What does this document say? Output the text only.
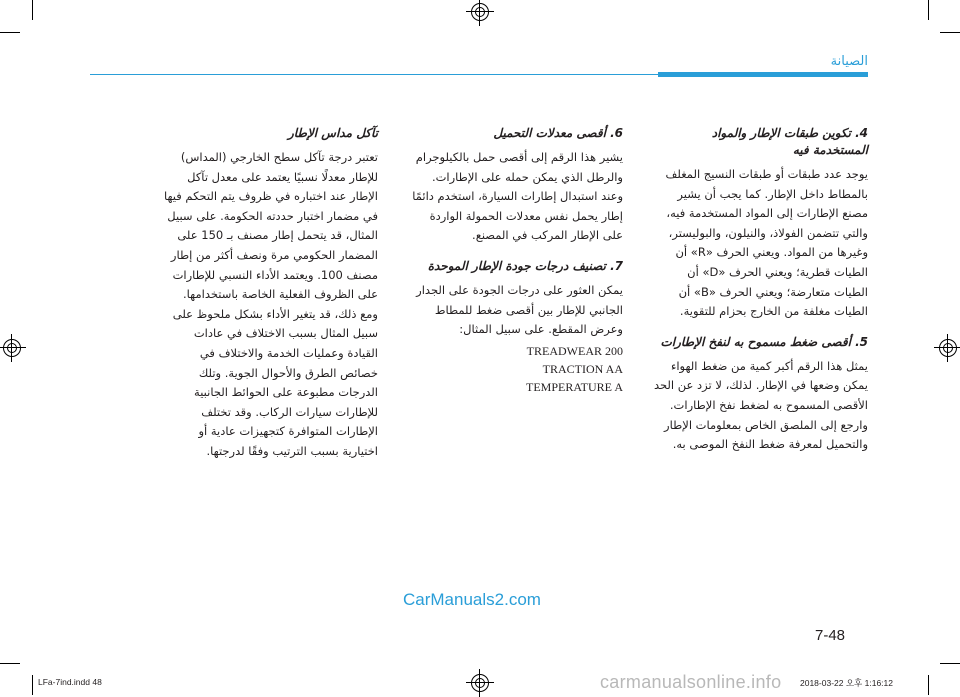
الصيانة
4. تكوين طبقات الإطار والمواد المستخدمة فيه

يوجد عدد طبقات أو طبقات النسيج المغلف بالمطاط داخل الإطار. كما يجب أن يشير مصنع الإطارات إلى المواد المستخدمة فيه، والتي تتضمن الفولاذ، والنيلون، والبوليستر، وغيرها من المواد. ويعني الحرف «R» أن الطيات قطرية؛ ويعني الحرف «D» أن الطيات متعارضة؛ ويعني الحرف «B» أن الطيات مغلفة من الخارج بحزام للتقوية.

5. أقصى ضغط مسموح به لنفخ الإطارات

يمثل هذا الرقم أكبر كمية من ضغط الهواء يمكن وضعها في الإطار. لذلك، لا تزد عن الحد الأقصى المسموح به لضغط نفخ الإطارات. وارجع إلى الملصق الخاص بمعلومات الإطار والتحميل لمعرفة ضغط النفخ الموصى به.

6. أقصى معدلات التحميل

يشير هذا الرقم إلى أقصى حمل بالكيلوجرام والرطل الذي يمكن حمله على الإطارات. وعند استبدال إطارات السيارة، استخدم دائمًا إطار يحمل نفس معدلات الحمولة الواردة على الإطار المركب في المصنع.

7. تصنيف درجات جودة الإطار الموحدة

يمكن العثور على درجات الجودة على الجدار الجانبي للإطار بين أقصى ضغط للمطاط وعرض المقطع. على سبيل المثال:

TREADWEAR 200
TRACTION AA
TEMPERATURE A
تآكل مداس الإطار

تعتبر درجة تآكل سطح الخارجي (المداس) للإطار معدلًا نسبيًا يعتمد على معدل تآكل الإطار عند اختباره في ظروف يتم التحكم فيها في مضمار اختبار حددته الحكومة. على سبيل المثال، قد يتحمل إطار مصنف بـ 150 على المضمار الحكومي مرة ونصف أكثر من إطار مصنف 100. ويعتمد الأداء النسبي للإطارات على الظروف الفعلية الخاصة باستخدامها. ومع ذلك، قد يتغير الأداء بشكل ملحوظ على سبيل المثال بسبب الاختلاف في عادات القيادة وعمليات الخدمة والاختلاف في خصائص الطرق والأحوال الجوية. وتلك الدرجات مطبوعة على الحوائط الجانبية للإطارات سيارات الركاب. وقد تختلف الإطارات المتوافرة كتجهيزات عادية أو اختيارية بسبب الترتيب وفقًا لدرجتها.

CarManuals2.com
7-48
LFa-7ind.indd 48	2018-03-22 오후 1:16:12
carmanualsonline.info
